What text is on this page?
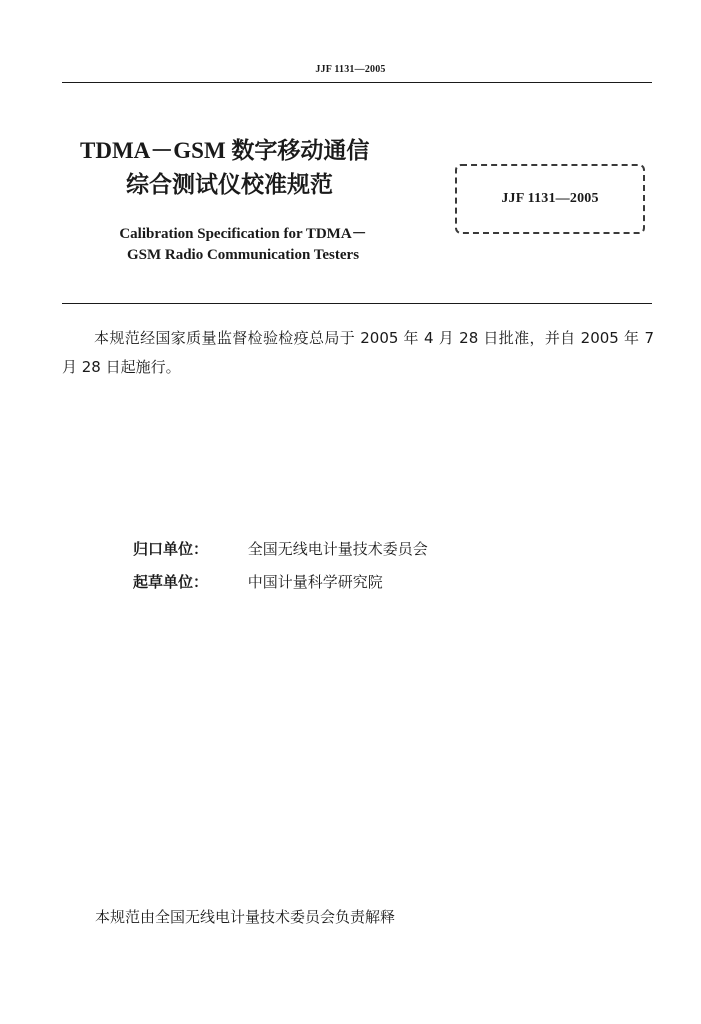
JJF 1131—2005
TDMA－GSM 数字移动通信
综合测试仪校准规范
Calibration Specification for TDMA－
GSM Radio Communication Testers
JJF 1131—2005
本规范经国家质量监督检验检疫总局于 2005 年 4 月 28 日批准，并自 2005 年 7 月 28 日起施行。
归口单位：	全国无线电计量技术委员会
起草单位：	中国计量科学研究院
本规范由全国无线电计量技术委员会负责解释
